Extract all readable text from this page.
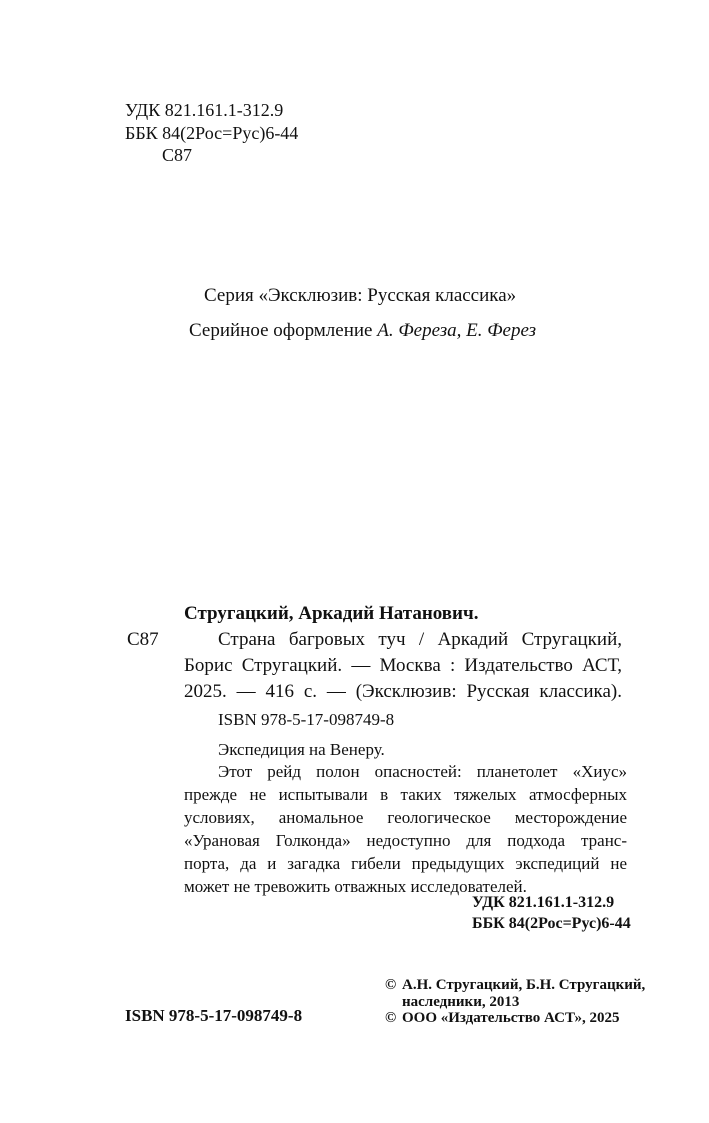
УДК 821.161.1-312.9
ББК 84(2Рос=Рус)6-44
С87
Серия «Эксклюзив: Русская классика»
Серийное оформление А. Фереза, Е. Ферез
Стругацкий, Аркадий Натанович.
С87	Страна багровых туч / Аркадий Стругацкий,
Борис Стругацкий. — Москва : Издательство АСТ,
2025. — 416 с. — (Эксклюзив: Русская классика).
ISBN 978-5-17-098749-8
Экспедиция на Венеру.
Этот рейд полон опасностей: планетолет «Хиус»
прежде не испытывали в таких тяжелых атмосферных
условиях, аномальное геологическое месторождение
«Урановая Голконда» недоступно для подхода транс-
порта, да и загадка гибели предыдущих экспедиций не
может не тревожить отважных исследователей.
УДК 821.161.1-312.9
ББК 84(2Рос=Рус)6-44
ISBN 978-5-17-098749-8
© А.Н. Стругацкий, Б.Н. Стругацкий,
наследники, 2013
© ООО «Издательство АСТ», 2025
